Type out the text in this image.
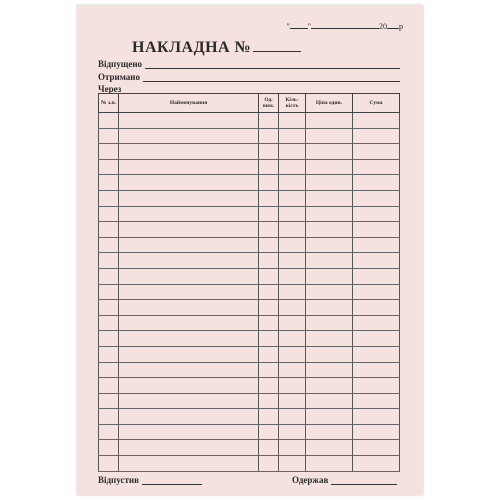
" "	20 р
НАКЛАДНА №
Відпущено
Отримано
Через
№ з.п.	Найменування	Од. вим.	Кіль-кість	Ціна один.	Сума

Відпустив	Одержав
